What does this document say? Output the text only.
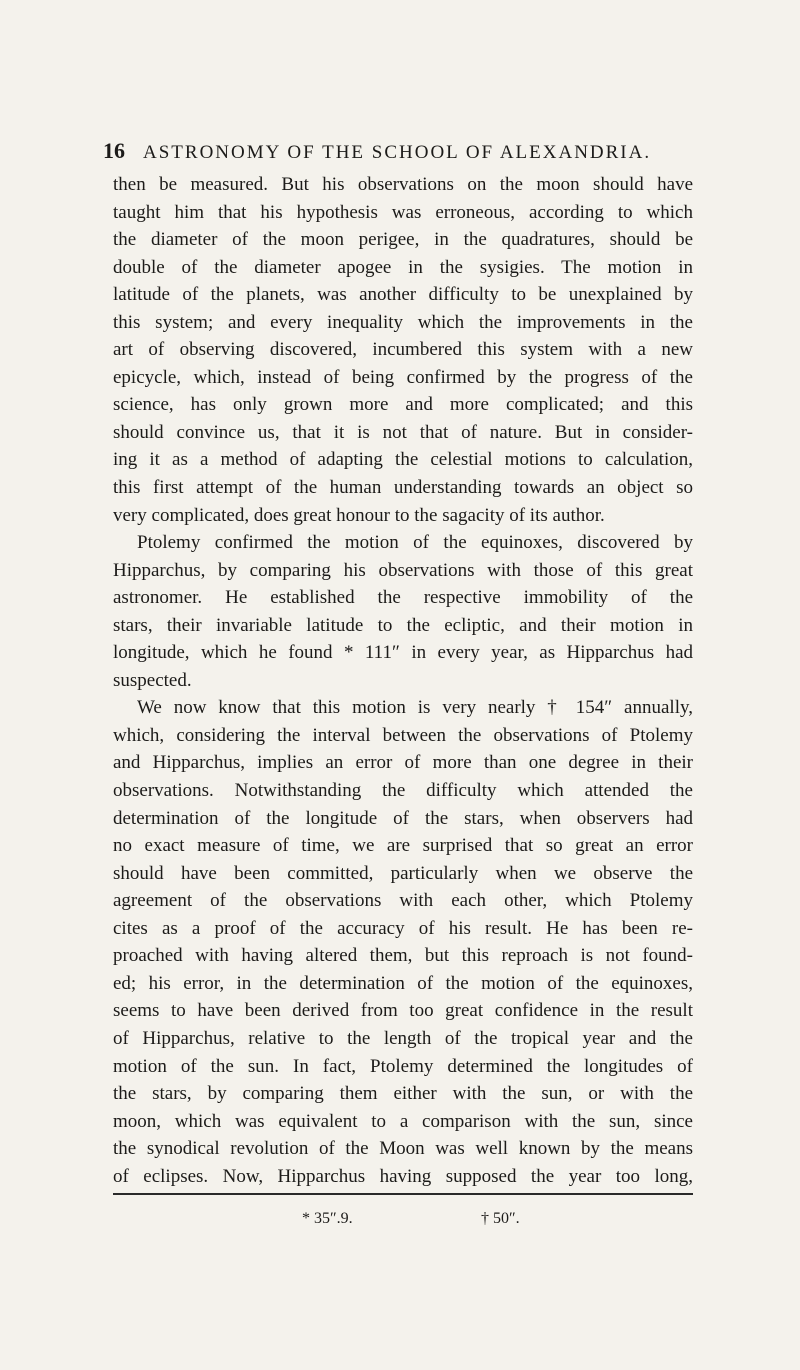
16 ASTRONOMY OF THE SCHOOL OF ALEXANDRIA.
then be measured. But his observations on the moon should have
taught him that his hypothesis was erroneous, according to which
the diameter of the moon perigee, in the quadratures, should be
double of the diameter apogee in the sysigies. The motion in
latitude of the planets, was another difficulty to be unexplained by
this system; and every inequality which the improvements in the
art of observing discovered, incumbered this system with a new
epicycle, which, instead of being confirmed by the progress of the
science, has only grown more and more complicated; and this
should convince us, that it is not that of nature. But in consider-
ing it as a method of adapting the celestial motions to calculation,
this first attempt of the human understanding towards an object so
very complicated, does great honour to the sagacity of its author.
Ptolemy confirmed the motion of the equinoxes, discovered by
Hipparchus, by comparing his observations with those of this great
astronomer. He established the respective immobility of the
stars, their invariable latitude to the ecliptic, and their motion in
longitude, which he found * 111″ in every year, as Hipparchus had
suspected.
We now know that this motion is very nearly † 154″ annually,
which, considering the interval between the observations of Ptolemy
and Hipparchus, implies an error of more than one degree in their
observations. Notwithstanding the difficulty which attended the
determination of the longitude of the stars, when observers had
no exact measure of time, we are surprised that so great an error
should have been committed, particularly when we observe the
agreement of the observations with each other, which Ptolemy
cites as a proof of the accuracy of his result. He has been re-
proached with having altered them, but this reproach is not found-
ed; his error, in the determination of the motion of the equinoxes,
seems to have been derived from too great confidence in the result
of Hipparchus, relative to the length of the tropical year and the
motion of the sun. In fact, Ptolemy determined the longitudes of
the stars, by comparing them either with the sun, or with the
moon, which was equivalent to a comparison with the sun, since
the synodical revolution of the Moon was well known by the means
of eclipses. Now, Hipparchus having supposed the year too long,
* 35″.9.	† 50″.
